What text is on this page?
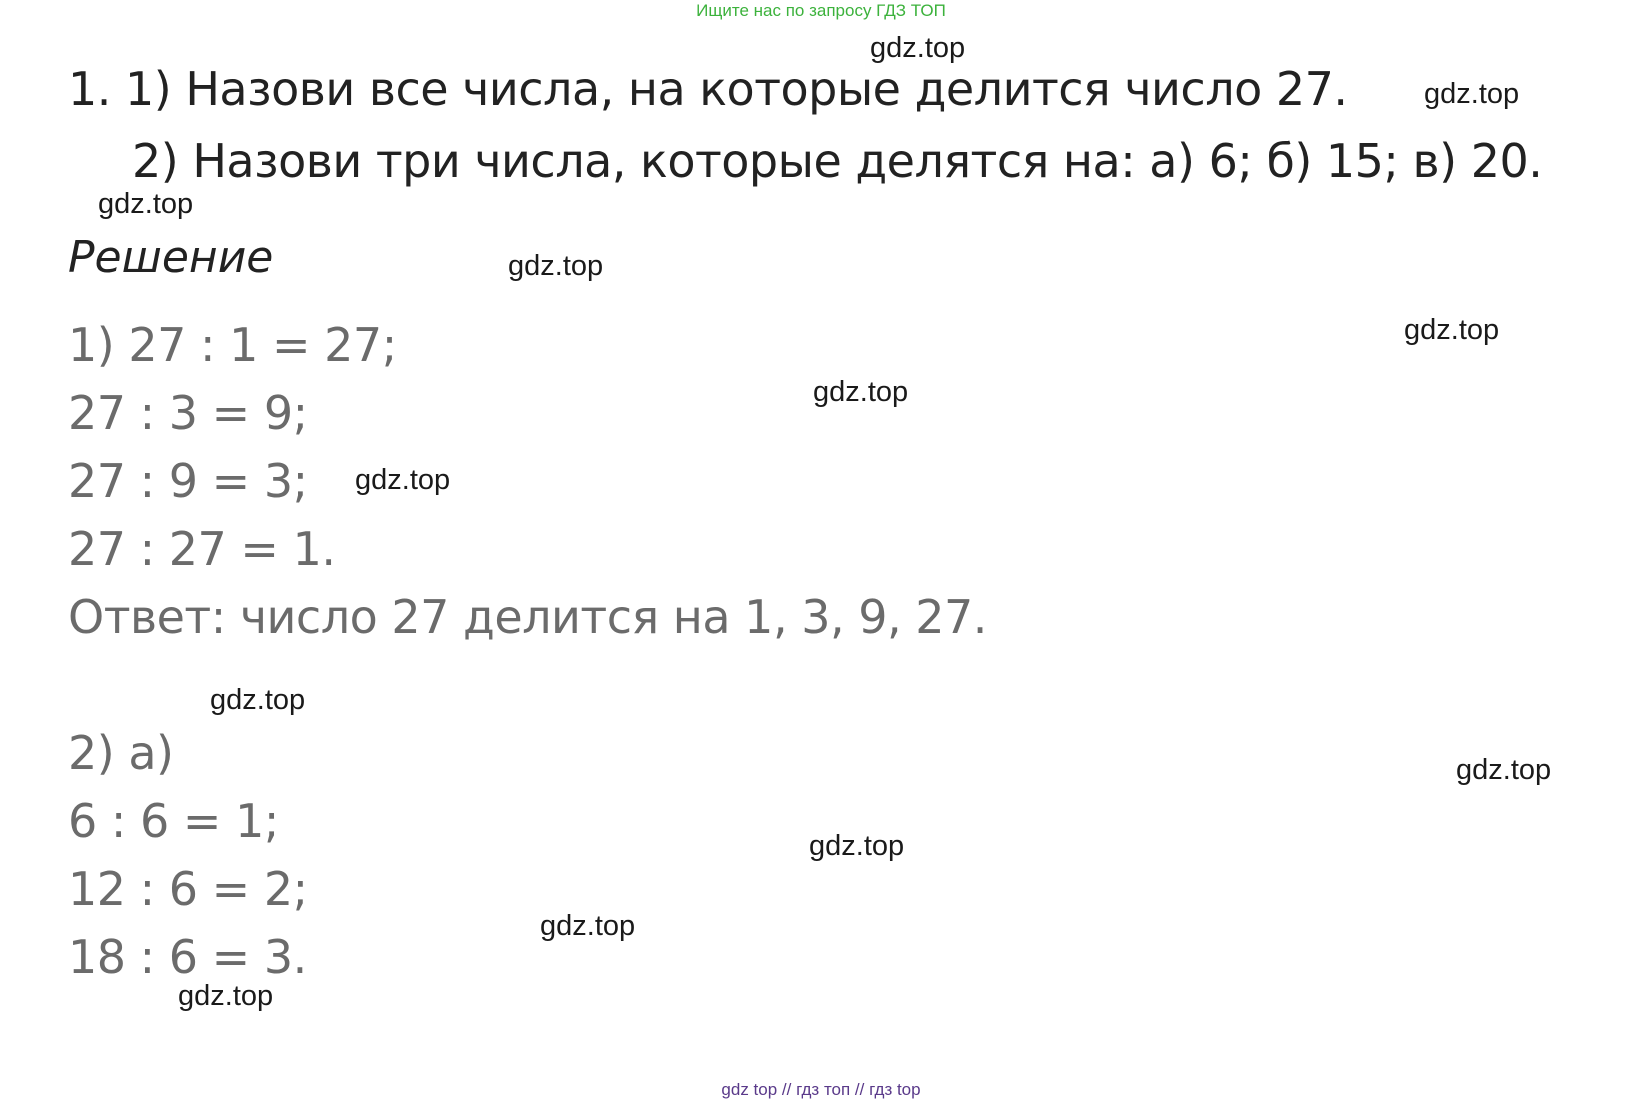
Ищите нас по запросу ГДЗ ТОП
1. 1) Назови все числа, на которые делится число 27.
2) Назови три числа, которые делятся на: а) 6; б) 15; в) 20.
Решение
1) 27 : 1 = 27;
27 : 3 = 9;
27 : 9 = 3;
27 : 27 = 1.
Ответ: число 27 делится на 1, 3, 9, 27.
2) а)
6 : 6 = 1;
12 : 6 = 2;
18 : 6 = 3.
gdz.top
gdz.top
gdz.top
gdz.top
gdz.top
gdz.top
gdz.top
gdz.top
gdz.top
gdz.top
gdz.top
gdz.top
gdz top // гдз топ // гдз top
